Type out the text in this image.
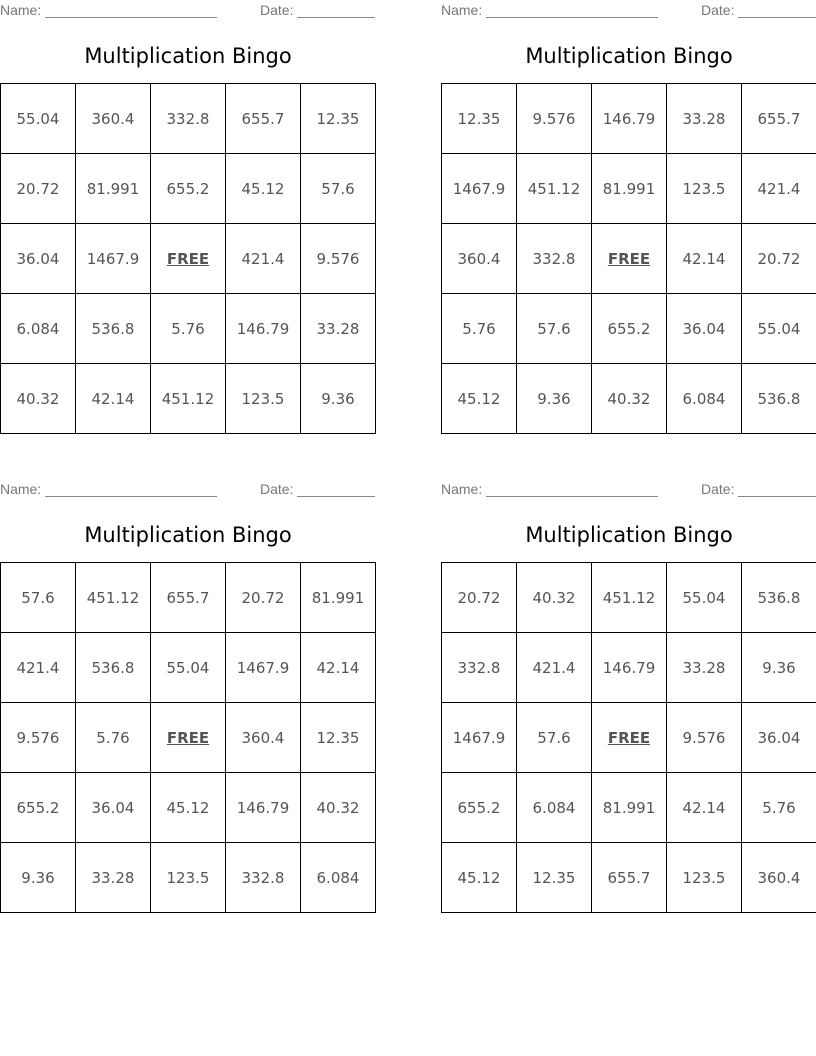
Name:	Date:
Multiplication Bingo
55.04	360.4	332.8	655.7	12.35
20.72	81.991	655.2	45.12	57.6
36.04	1467.9	FREE	421.4	9.576
6.084	536.8	5.76	146.79	33.28
40.32	42.14	451.12	123.5	9.36
Name:	Date:
Multiplication Bingo
12.35	9.576	146.79	33.28	655.7
1467.9	451.12	81.991	123.5	421.4
360.4	332.8	FREE	42.14	20.72
5.76	57.6	655.2	36.04	55.04
45.12	9.36	40.32	6.084	536.8
Name:	Date:
Multiplication Bingo
57.6	451.12	655.7	20.72	81.991
421.4	536.8	55.04	1467.9	42.14
9.576	5.76	FREE	360.4	12.35
655.2	36.04	45.12	146.79	40.32
9.36	33.28	123.5	332.8	6.084
Name:	Date:
Multiplication Bingo
20.72	40.32	451.12	55.04	536.8
332.8	421.4	146.79	33.28	9.36
1467.9	57.6	FREE	9.576	36.04
655.2	6.084	81.991	42.14	5.76
45.12	12.35	655.7	123.5	360.4
